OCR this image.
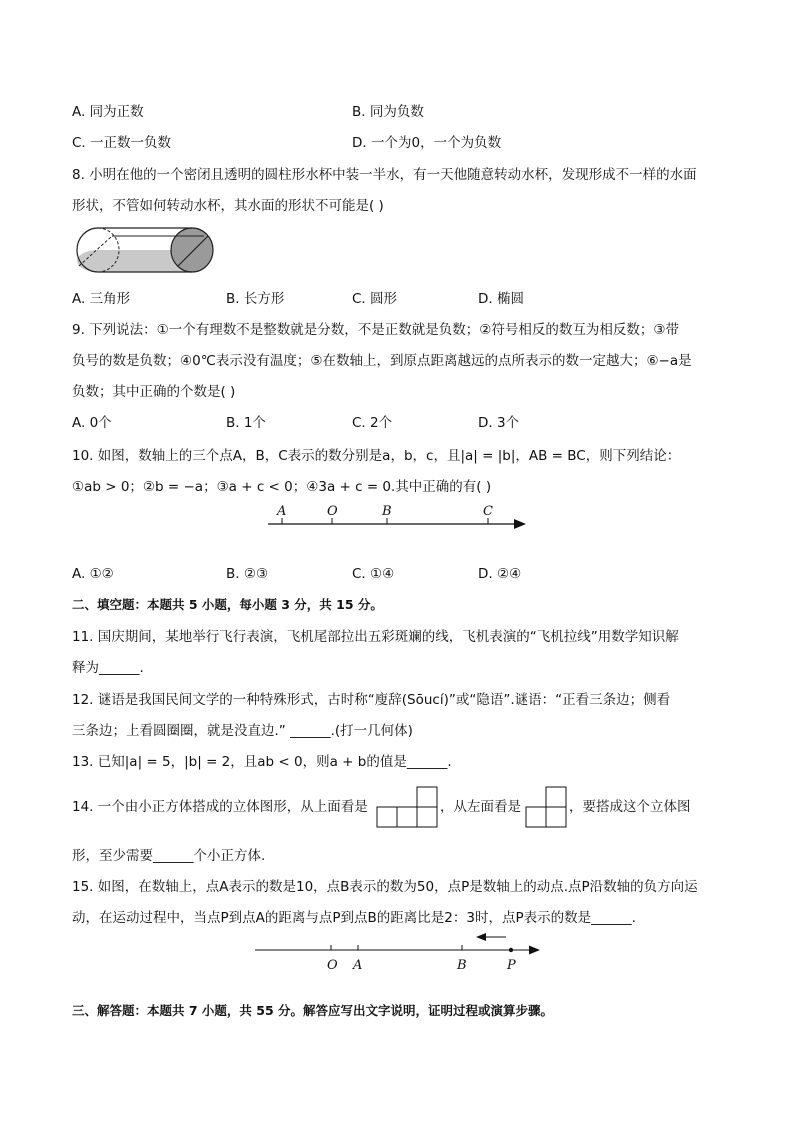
A. 同为正数	B. 同为负数
C. 一正数一负数	D. 一个为0，一个为负数
8. 小明在他的一个密闭且透明的圆柱形水杯中装一半水，有一天他随意转动水杯，发现形成不一样的水面
形状，不管如何转动水杯，其水面的形状不可能是( )
A. 三角形	B. 长方形	C. 圆形	D. 椭圆
9. 下列说法：①一个有理数不是整数就是分数，不是正数就是负数；②符号相反的数互为相反数；③带
负号的数是负数；④0℃表示没有温度；⑤在数轴上，到原点距离越远的点所表示的数一定越大；⑥−a是
负数；其中正确的个数是( )
A. 0个	B. 1个	C. 2个	D. 3个
10. 如图，数轴上的三个点A，B，C表示的数分别是a，b，c，且|a| = |b|，AB = BC，则下列结论：
①ab > 0；②b = −a；③a + c < 0；④3a + c = 0.其中正确的有( )
A	O	B	C
A. ①②	B. ②③	C. ①④	D. ②④
二、填空题：本题共 5 小题，每小题 3 分，共 15 分。
11. 国庆期间，某地举行飞行表演，飞机尾部拉出五彩斑斓的线，飞机表演的“飞机拉线”用数学知识解
释为______.
12. 谜语是我国民间文学的一种特殊形式，古时称“廋辞(Sōucí)”或“隐语”.谜语：“正看三条边；侧看
三条边；上看圆圈圈，就是没直边.” ______.(打一几何体)
13. 已知|a| = 5，|b| = 2，且ab < 0，则a + b的值是______.
14. 一个由小正方体搭成的立体图形，从上面看是	，从左面看是	，要搭成这个立体图
形，至少需要______个小正方体.
15. 如图，在数轴上，点A表示的数是10，点B表示的数为50，点P是数轴上的动点.点P沿数轴的负方向运
动，在运动过程中，当点P到点A的距离与点P到点B的距离比是2：3时，点P表示的数是______.
O A	B	P
三、解答题：本题共 7 小题，共 55 分。解答应写出文字说明，证明过程或演算步骤。
